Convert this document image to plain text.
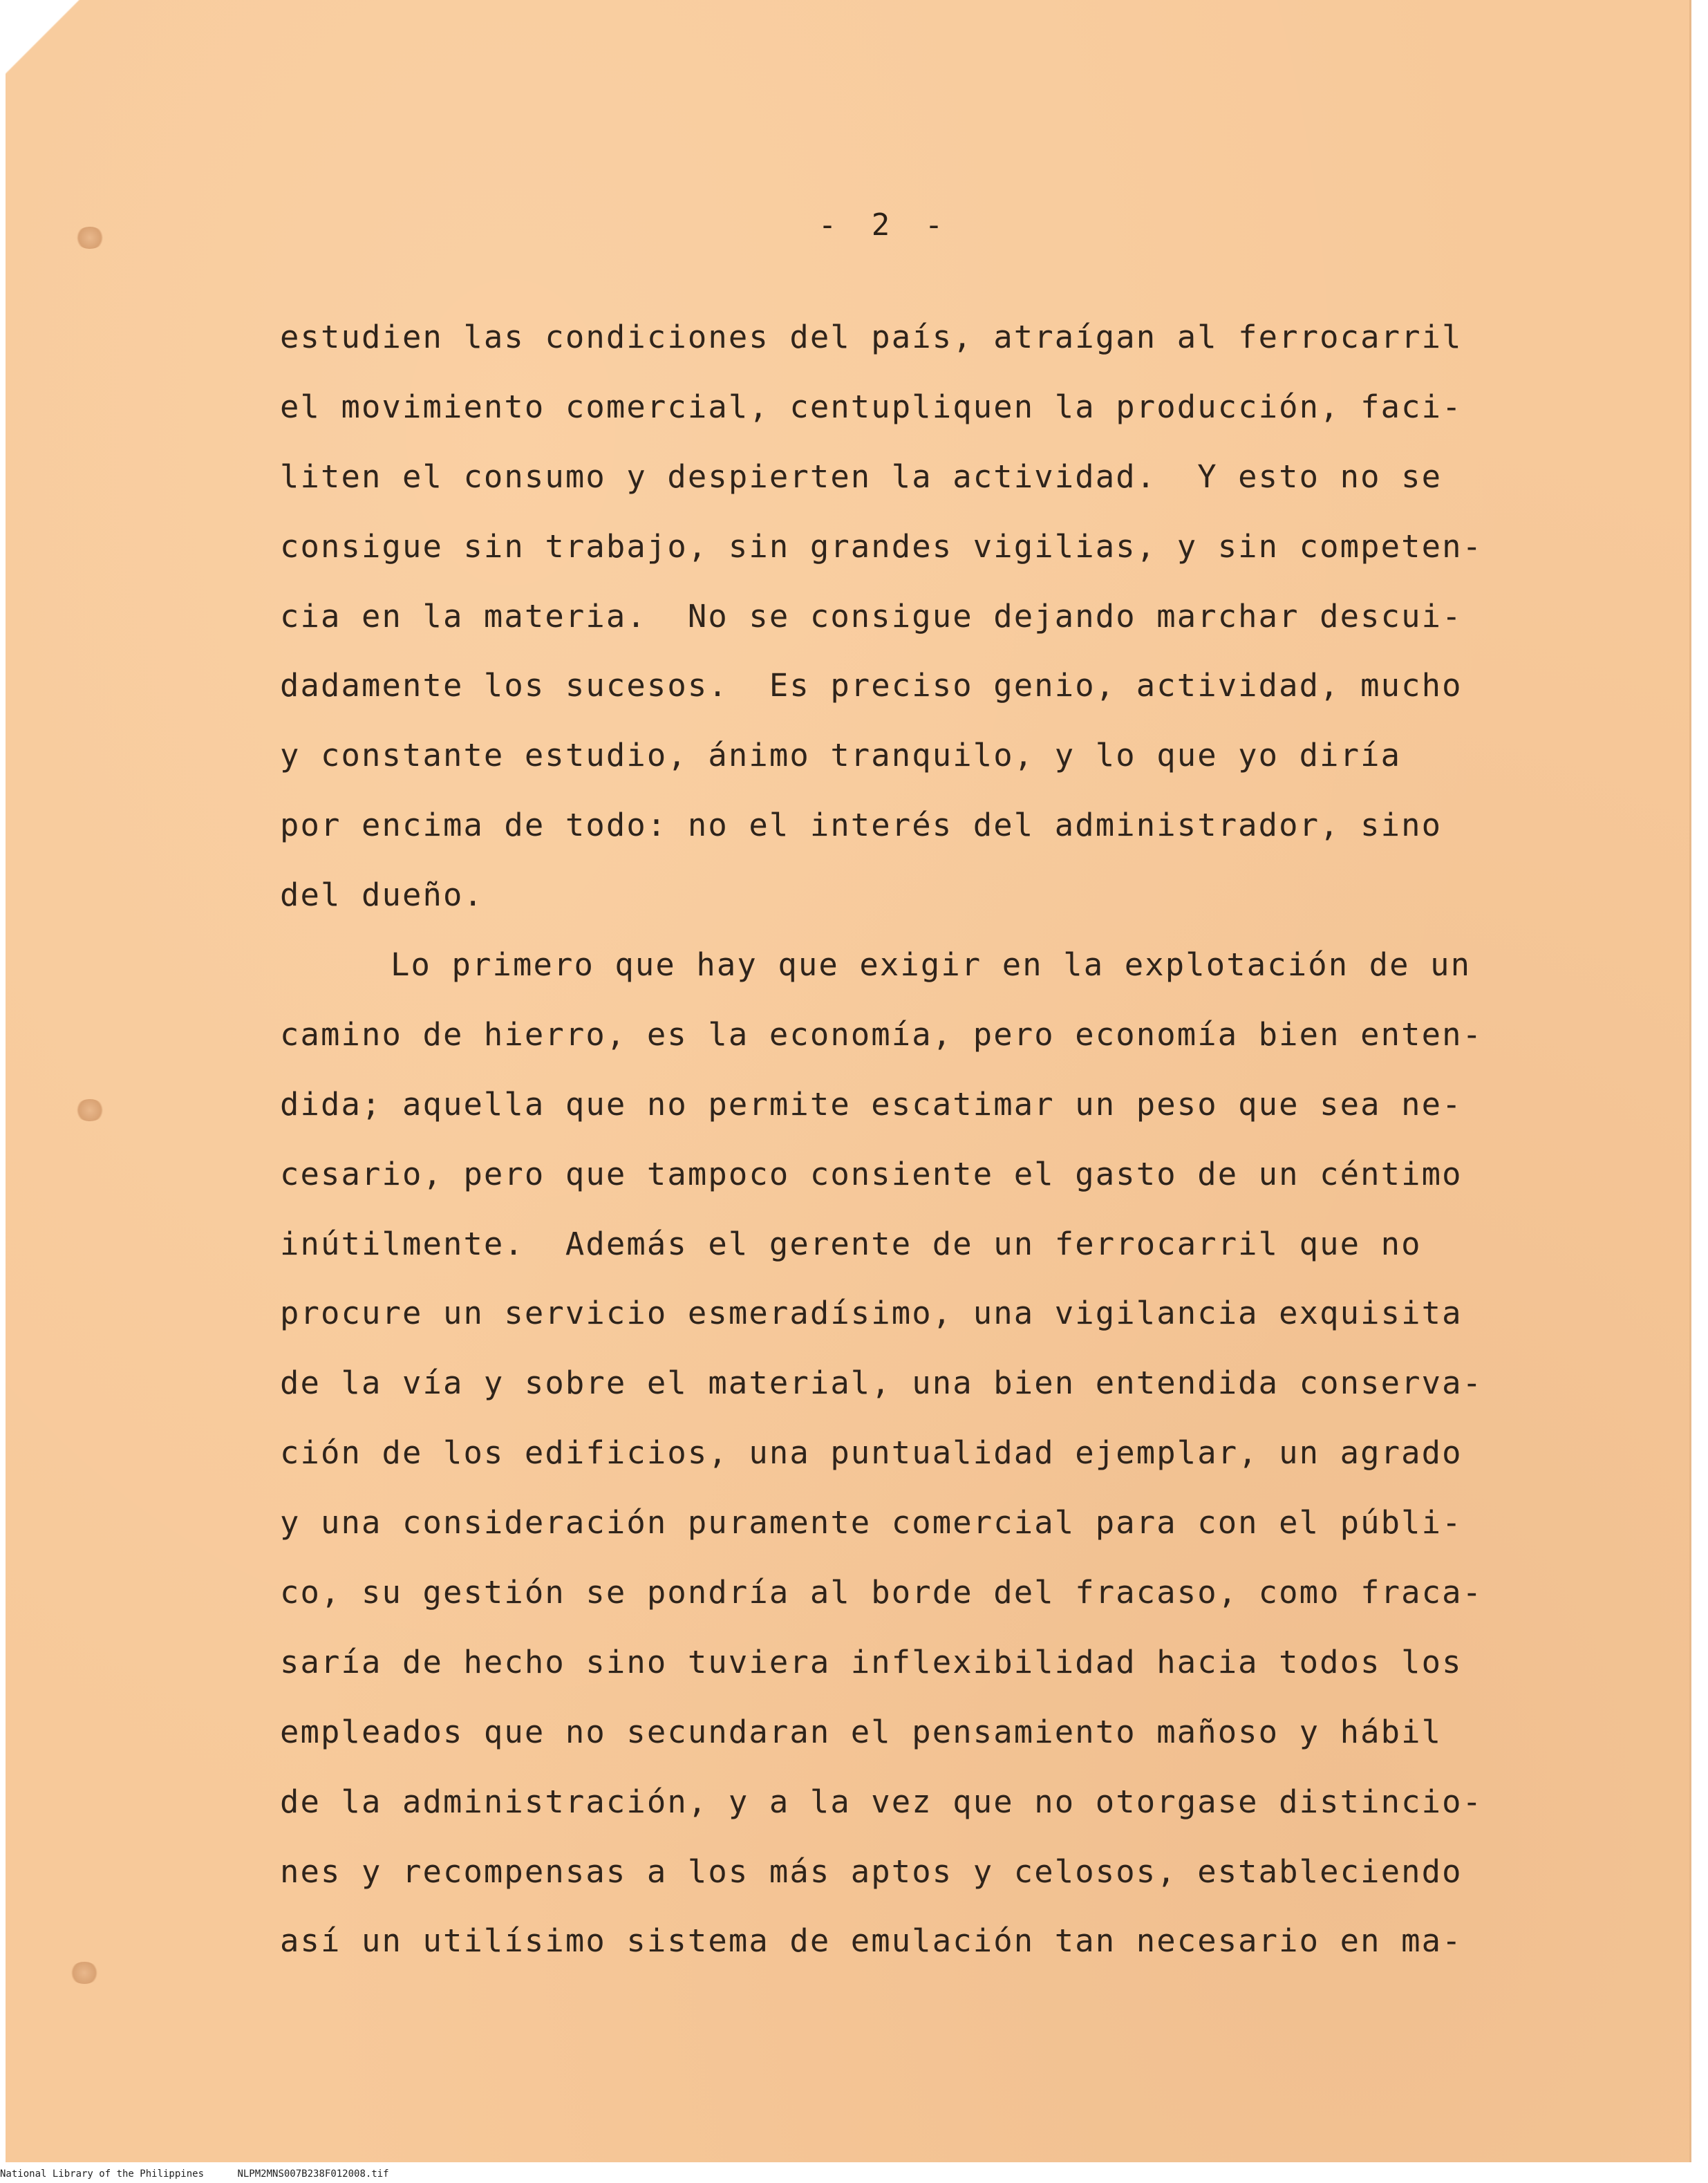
- 2 -
estudien las condiciones del país, atraígan al ferrocarril
el movimiento comercial, centupliquen la producción, faci-
liten el consumo y despierten la actividad.  Y esto no se
consigue sin trabajo, sin grandes vigilias, y sin competen-
cia en la materia.  No se consigue dejando marchar descui-
dadamente los sucesos.  Es preciso genio, actividad, mucho
y constante estudio, ánimo tranquilo, y lo que yo diría
por encima de todo: no el interés del administrador, sino
del dueño.
Lo primero que hay que exigir en la explotación de un
camino de hierro, es la economía, pero economía bien enten-
dida; aquella que no permite escatimar un peso que sea ne-
cesario, pero que tampoco consiente el gasto de un céntimo
inútilmente.  Además el gerente de un ferrocarril que no
procure un servicio esmeradísimo, una vigilancia exquisita
de la vía y sobre el material, una bien entendida conserva-
ción de los edificios, una puntualidad ejemplar, un agrado
y una consideración puramente comercial para con el públi-
co, su gestión se pondría al borde del fracaso, como fraca-
saría de hecho sino tuviera inflexibilidad hacia todos los
empleados que no secundaran el pensamiento mañoso y hábil
de la administración, y a la vez que no otorgase distincio-
nes y recompensas a los más aptos y celosos, estableciendo
así un utilísimo sistema de emulación tan necesario en ma-
National Library of the Philippines	NLPM2MNS007B238F012008.tif
